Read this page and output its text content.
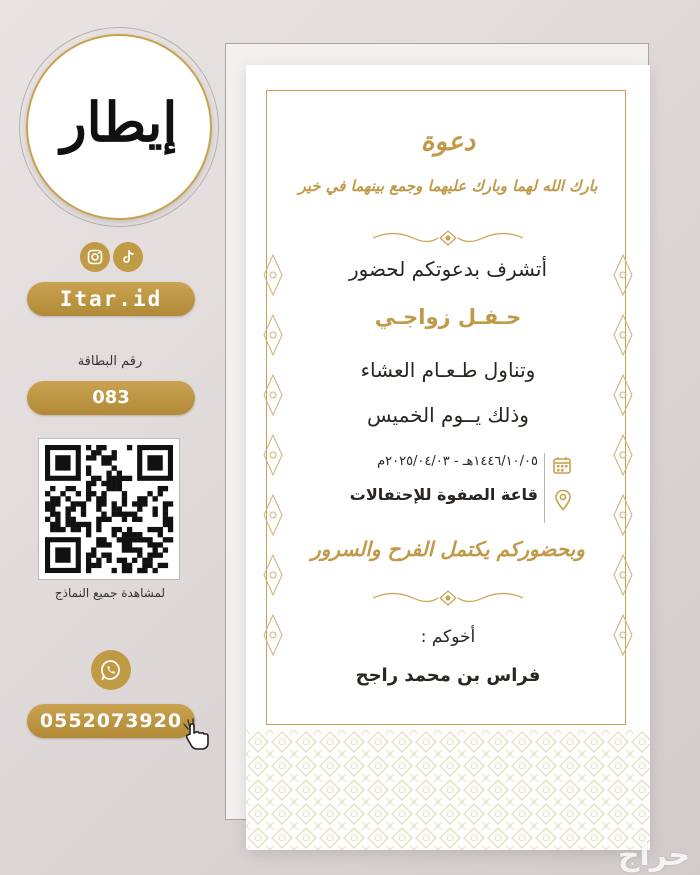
إيطار
Itar.id
رقم البطاقة
083
لمشاهدة جميع النماذج
0552073920
دعوة
بارك الله لهما وبارك عليهما وجمع بينهما في خير
أتشرف بدعوتكم لحضور
حـفـل زواجـي
وتناول طـعـام العشاء
وذلك يــوم الخميس
١٤٤٦/١٠/٠٥هـ - ٢٠٢٥/٠٤/٠٣م
قاعة الصفوة للإحتفالات
وبحضوركم يكتمل الفرح والسرور
أخوكم :
فراس بن محمد راجح
حراج
